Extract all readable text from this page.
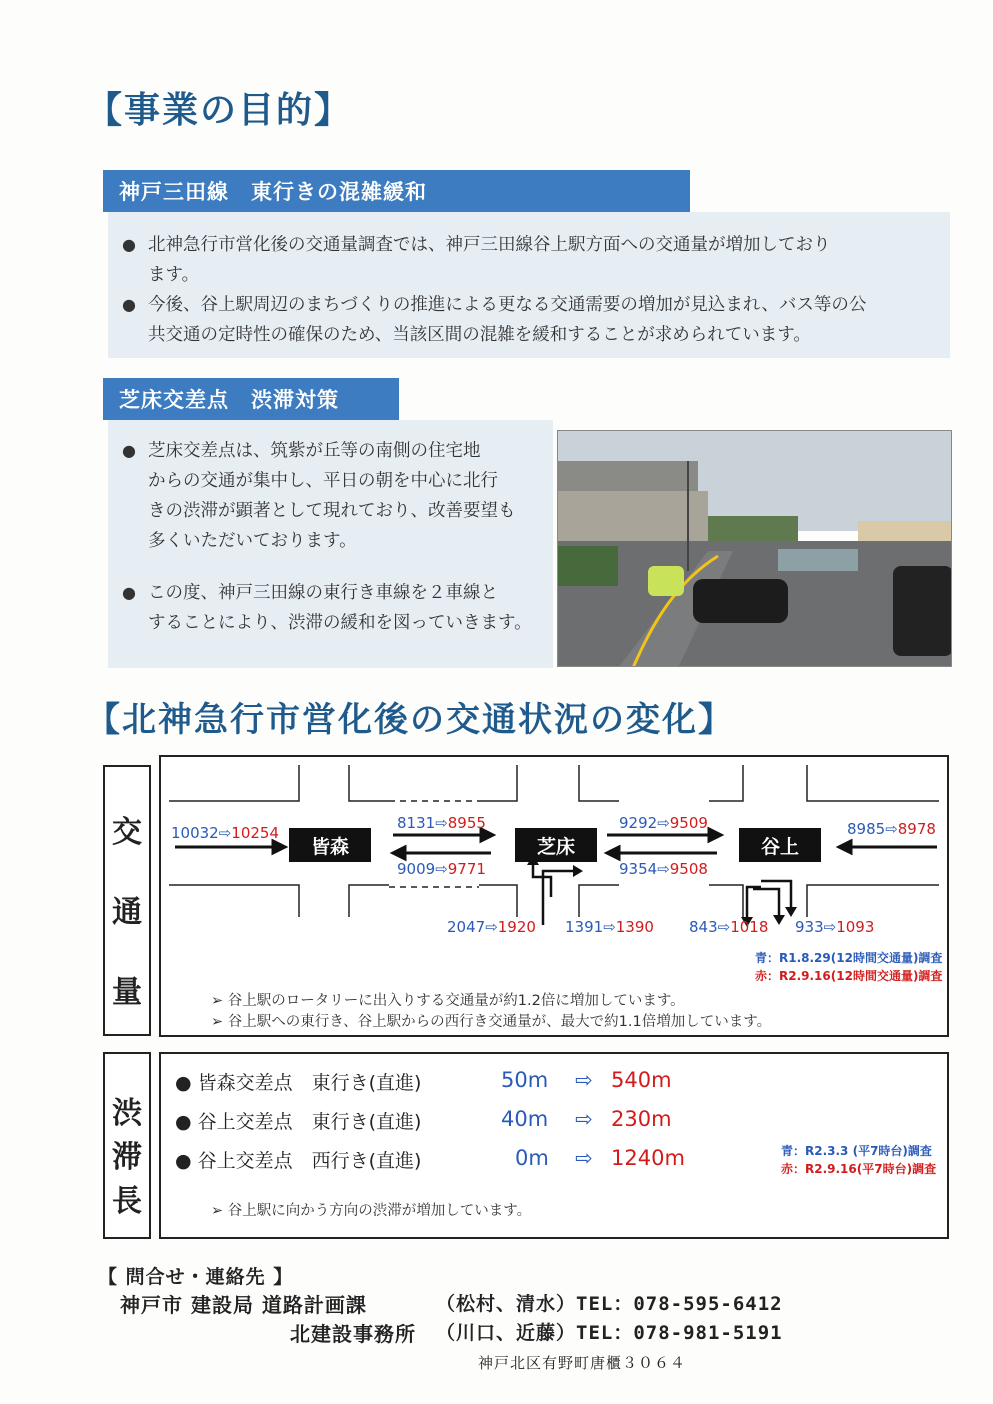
【事業の目的】
神戸三田線　東行きの混雑緩和
● 北神急行市営化後の交通量調査では、神戸三田線谷上駅方面への交通量が増加しており
ます。
● 今後、谷上駅周辺のまちづくりの推進による更なる交通需要の増加が見込まれ、バス等の公
共交通の定時性の確保のため、当該区間の混雑を緩和することが求められています。
芝床交差点　渋滞対策
● 芝床交差点は、筑紫が丘等の南側の住宅地
からの交通が集中し、平日の朝を中心に北行
きの渋滞が顕著として現れており、改善要望も
多くいただいております。
● この度、神戸三田線の東行き車線を２車線と
することにより、渋滞の緩和を図っていきます。
【北神急行市営化後の交通状況の変化】
交
通
量
皆森	芝床	谷上
10032⇨10254
8131⇨8955
9009⇨9771
9292⇨9509
9354⇨9508
8985⇨8978
2047⇨1920 1391⇨1390 843⇨1018 933⇨1093
青：R1.8.29(12時間交通量)調査
赤：R2.9.16(12時間交通量)調査
➢ 谷上駅のロータリーに出入りする交通量が約1.2倍に増加しています。
➢ 谷上駅への東行き、谷上駅からの西行き交通量が、最大で約1.1倍増加しています。
渋
滞
長
● 皆森交差点　東行き(直進)	50m ⇨ 540m
● 谷上交差点　東行き(直進)	40m ⇨ 230m
● 谷上交差点　西行き(直進)	0m ⇨ 1240m	青：R2.3.3 (平7時台)調査
赤：R2.9.16(平7時台)調査
➢ 谷上駅に向かう方向の渋滞が増加しています。
【 問合せ・連絡先 】
神戸市 建設局 道路計画課	（松村、清水）TEL：078-595-6412
北建設事務所 （川口、近藤）TEL：078-981-5191
神戸北区有野町唐櫃３０６４
